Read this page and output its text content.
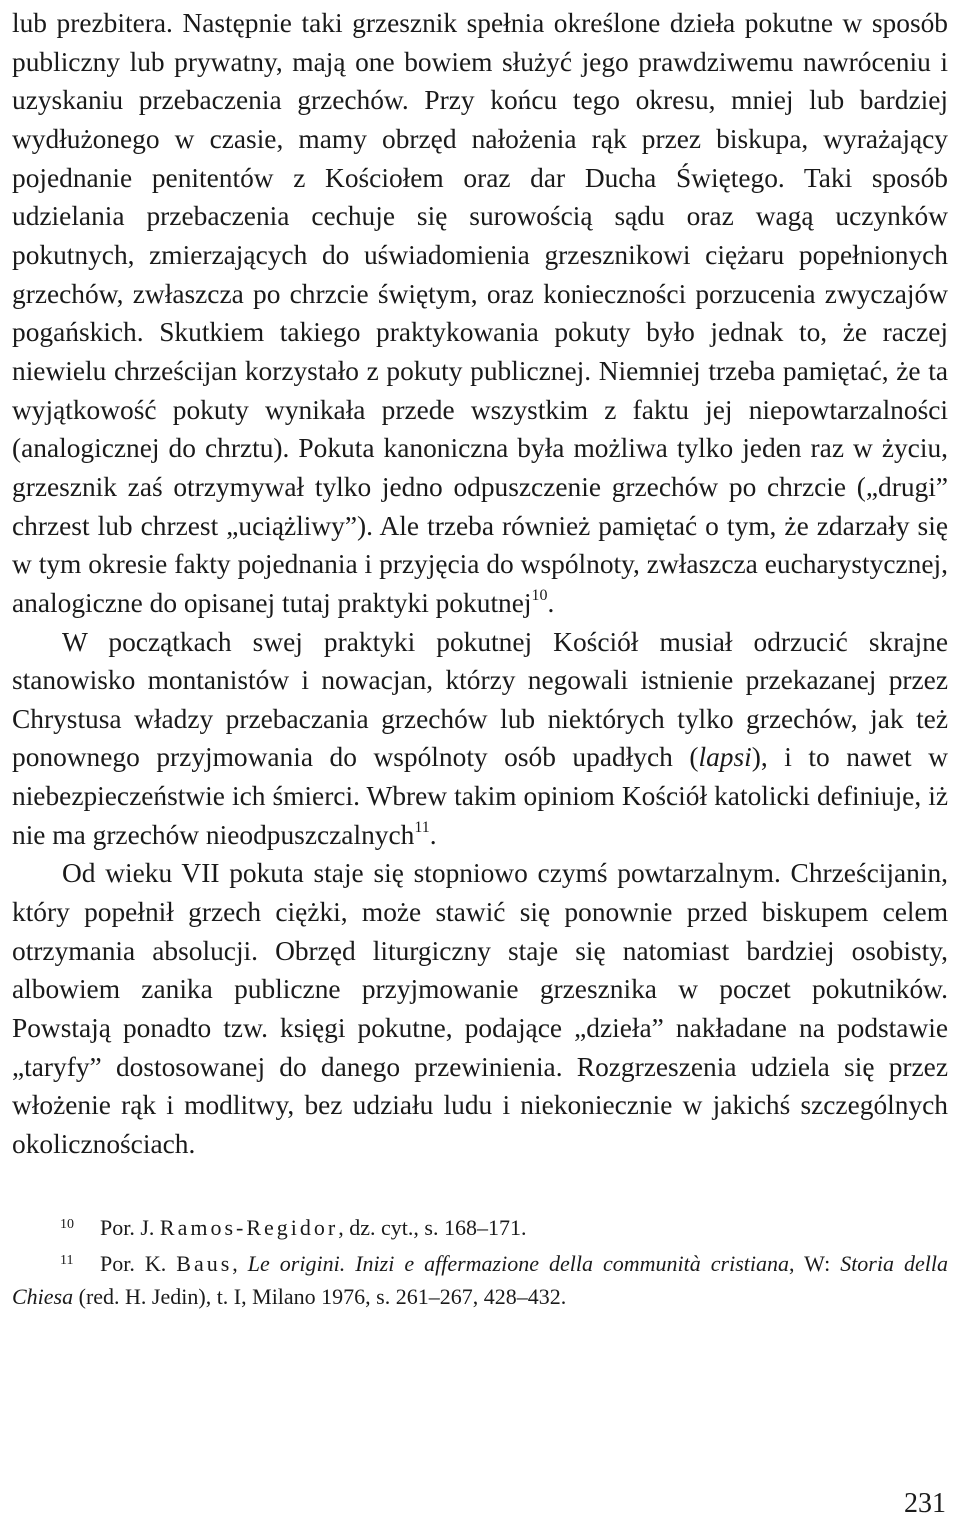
lub prezbitera. Następnie taki grzesznik spełnia określone dzieła pokutne w sposób publiczny lub prywatny, mają one bowiem służyć jego prawdziwemu nawróceniu i uzyskaniu przebaczenia grzechów. Przy końcu tego okresu, mniej lub bardziej wydłużonego w czasie, mamy obrzęd nałożenia rąk przez biskupa, wyrażający pojednanie penitentów z Kościołem oraz dar Ducha Świętego. Taki sposób udzielania przebaczenia cechuje się surowością sądu oraz wagą uczynków pokutnych, zmierzających do uświadomienia grzesznikowi ciężaru popełnionych grzechów, zwłaszcza po chrzcie świętym, oraz konieczności porzucenia zwyczajów pogańskich. Skutkiem takiego praktykowania pokuty było jednak to, że raczej niewielu chrześcijan korzystało z pokuty publicznej. Niemniej trzeba pamiętać, że ta wyjątkowość pokuty wynikała przede wszystkim z faktu jej niepowtarzalności (analogicznej do chrztu). Pokuta kanoniczna była możliwa tylko jeden raz w życiu, grzesznik zaś otrzymywał tylko jedno odpuszczenie grzechów po chrzcie („drugi” chrzest lub chrzest „uciążliwy”). Ale trzeba również pamiętać o tym, że zdarzały się w tym okresie fakty pojednania i przyjęcia do wspólnoty, zwłaszcza eucharystycznej, analogiczne do opisanej tutaj praktyki pokutnej$^{10}$.

W początkach swej praktyki pokutnej Kościół musiał odrzucić skrajne stanowisko montanistów i nowacjan, którzy negowali istnienie przekazanej przez Chrystusa władzy przebaczania grzechów lub niektórych tylko grzechów, jak też ponownego przyjmowania do wspólnoty osób upadłych (lapsi), i to nawet w niebezpieczeństwie ich śmierci. Wbrew takim opiniom Kościół katolicki definiuje, iż nie ma grzechów nieodpuszczalnych$^{11}$.

Od wieku VII pokuta staje się stopniowo czymś powtarzalnym. Chrześcijanin, który popełnił grzech ciężki, może stawić się ponownie przed biskupem celem otrzymania absolucji. Obrzęd liturgiczny staje się natomiast bardziej osobisty, albowiem zanika publiczne przyjmowanie grzesznika w poczet pokutników. Powstają ponadto tzw. księgi pokutne, podające „dzieła” nakładane na podstawie „taryfy” dostosowanej do danego przewinienia. Rozgrzeszenia udziela się przez włożenie rąk i modlitwy, bez udziału ludu i niekoniecznie w jakichś szczególnych okolicznościach.

10 Por. J. Ramos-Regidor, dz. cyt., s. 168–171.

11 Por. K. Baus, Le origini. Inizi e affermazione della communità cristiana, W: Storia della Chiesa (red. H. Jedin), t. I, Milano 1976, s. 261–267, 428–432.

231
